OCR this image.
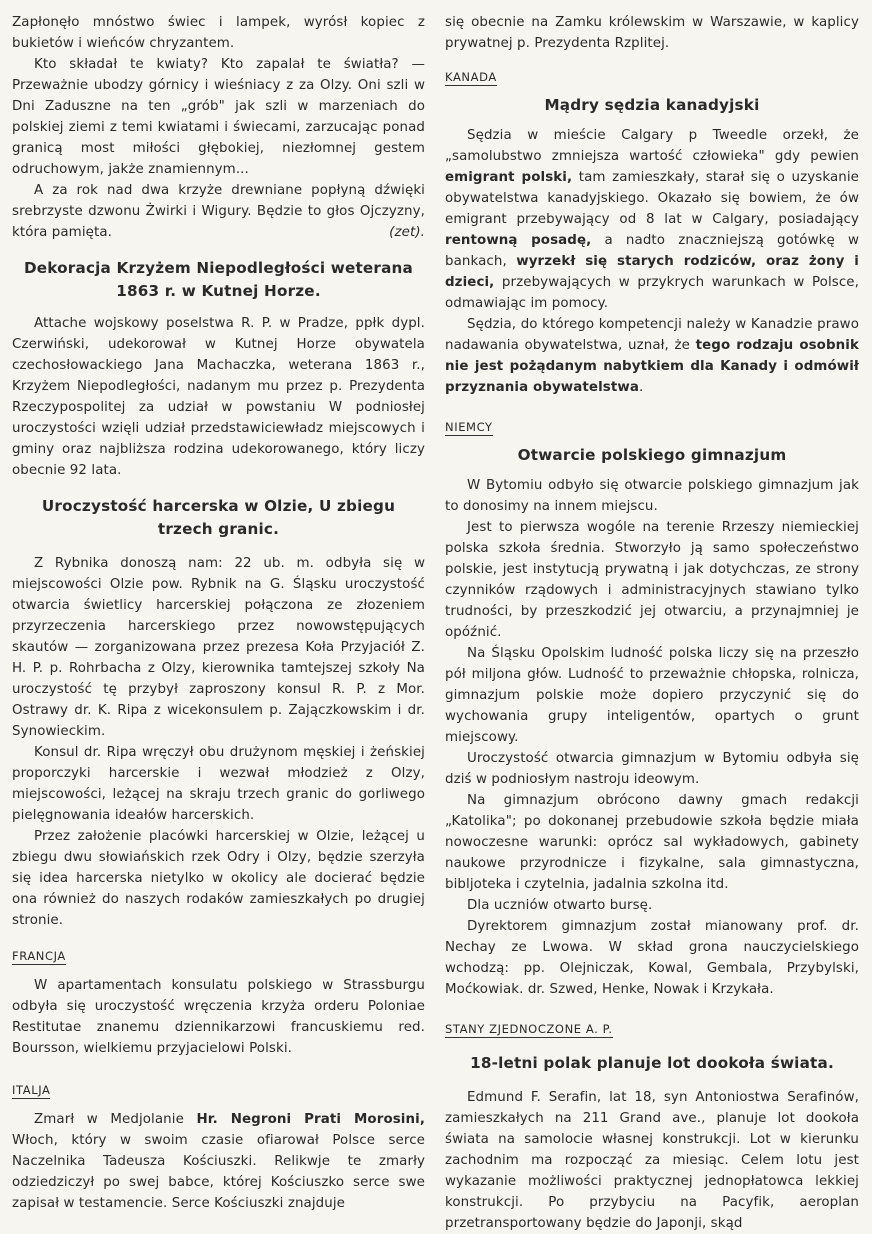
Zapłonęło mnóstwo świec i lampek, wyrósł kopiec z bukietów i wieńców chryzantem.

Kto składał te kwiaty? Kto zapalał te światła? — Przeważnie ubodzy górnicy i wieśniacy z za Olzy. Oni szli w Dni Zaduszne na ten „grób" jak szli w marzeniach do polskiej ziemi z temi kwiatami i świecami, zarzucając ponad granicą most miłości głębokiej, niezłomnej gestem odruchowym, jakże znamiennym...

A za rok nad dwa krzyże drewniane popłyną dźwięki srebrzyste dzwonu Żwirki i Wigury. Będzie to głos Ojczyzny, która pamięta.	(zet).

Dekoracja Krzyżem Niepodległości weterana 1863 r. w Kutnej Horze.

Attache wojskowy poselstwa R. P. w Pradze, ppłk dypl. Czerwiński, udekorował w Kutnej Horze obywatela czechosłowackiego Jana Machaczka, weterana 1863 r., Krzyżem Niepodległości, nadanym mu przez p. Prezydenta Rzeczypospolitej za udział w powstaniu W podniosłej uroczystości wzięli udział przedstawiciewładz miejscowych i gminy oraz najbliższa rodzina udekorowanego, który liczy obecnie 92 lata.

Uroczystość harcerska w Olzie, U zbiegu trzech granic.

Z Rybnika donoszą nam: 22 ub. m. odbyła się w miejscowości Olzie pow. Rybnik na G. Śląsku uroczystość otwarcia świetlicy harcerskiej połączona ze złozeniem przyrzeczenia harcerskiego przez nowowstępujących skautów — zorganizowana przez prezesa Koła Przyjaciół Z. H. P. p. Rohrbacha z Olzy, kierownika tamtejszej szkoły Na uroczystość tę przybył zaproszony konsul R. P. z Mor. Ostrawy dr. K. Ripa z wicekonsulem p. Zajączkowskim i dr. Synowieckim.

Konsul dr. Ripa wręczył obu drużynom męskiej i żeńskiej proporczyki harcerskie i wezwał młodzież z Olzy, miejscowości, leżącej na skraju trzech granic do gorliwego pielęgnowania ideałów harcerskich.

Przez założenie placówki harcerskiej w Olzie, leżącej u zbiegu dwu słowiańskich rzek Odry i Olzy, będzie szerzyła się idea harcerska nietylko w okolicy ale docierać będzie ona również do naszych rodaków zamieszkałych po drugiej stronie.

FRANCJA

W apartamentach konsulatu polskiego w Strassburgu odbyła się uroczystość wręczenia krzyża orderu Poloniae Restitutae znanemu dziennikarzowi francuskiemu red. Boursson, wielkiemu przyjacielowi Polski.

ITALJA

Zmarł w Medjolanie Hr. Negroni Prati Morosini, Włoch, który w swoim czasie ofiarował Polsce serce Naczelnika Tadeusza Kościuszki. Relikwje te zmarły odziedziczył po swej babce, której Kościuszko serce swe zapisał w testamencie. Serce Kościuszki znajduje

się obecnie na Zamku królewskim w Warszawie, w kaplicy prywatnej p. Prezydenta Rzplitej.

KANADA
Mądry sędzia kanadyjski

Sędzia w mieście Calgary p Tweedle orzekł, że „samolubstwo zmniejsza wartość człowieka" gdy pewien emigrant polski, tam zamieszkały, starał się o uzyskanie obywatelstwa kanadyjskiego. Okazało się bowiem, że ów emigrant przebywający od 8 lat w Calgary, posiadający rentowną posadę, a nadto znaczniejszą gotówkę w bankach, wyrzekł się starych rodziców, oraz żony i dzieci, przebywających w przykrych warunkach w Polsce, odmawiając im pomocy.

Sędzia, do którego kompetencji należy w Kanadzie prawo nadawania obywatelstwa, uznał, że tego rodzaju osobnik nie jest pożądanym nabytkiem dla Kanady i odmówił przyznania obywatelstwa.

NIEMCY
Otwarcie polskiego gimnazjum

W Bytomiu odbyło się otwarcie polskiego gimnazjum jak to donosimy na innem miejscu.

Jest to pierwsza wogóle na terenie Rrzeszy niemieckiej polska szkoła średnia. Stworzyło ją samo społeczeństwo polskie, jest instytucją prywatną i jak dotychczas, ze strony czynników rządowych i administracyjnych stawiano tylko trudności, by przeszkodzić jej otwarciu, a przynajmniej je opóźnić.

Na Śląsku Opolskim ludność polska liczy się na przeszło pół miljona głów. Ludność to przeważnie chłopska, rolnicza, gimnazjum polskie może dopiero przyczynić się do wychowania grupy inteligentów, opartych o grunt miejscowy.

Uroczystość otwarcia gimnazjum w Bytomiu odbyła się dziś w podniosłym nastroju ideowym.

Na gimnazjum obrócono dawny gmach redakcji „Katolika"; po dokonanej przebudowie szkoła będzie miała nowoczesne warunki: oprócz sal wykładowych, gabinety naukowe przyrodnicze i fizykalne, sala gimnastyczna, bibljoteka i czytelnia, jadalnia szkolna itd.

Dla uczniów otwarto bursę.

Dyrektorem gimnazjum został mianowany prof. dr. Nechay ze Lwowa. W skład grona nauczycielskiego wchodzą: pp. Olejniczak, Kowal, Gembala, Przybylski, Moćkowiak. dr. Szwed, Henke, Nowak i Krzykała.

STANY ZJEDNOCZONE A. P.
18-letni polak planuje lot dookoła świata.

Edmund F. Serafin, lat 18, syn Antoniostwa Serafinów, zamieszkałych na 211 Grand ave., planuje lot dookoła świata na samolocie własnej konstrukcji. Lot w kierunku zachodnim ma rozpocząć za miesiąc. Celem lotu jest wykazanie możliwości praktycznej jednopłatowca lekkiej konstrukcji. Po przybyciu na Pacyfik, aeroplan przetransportowany będzie do Japonji, skąd
